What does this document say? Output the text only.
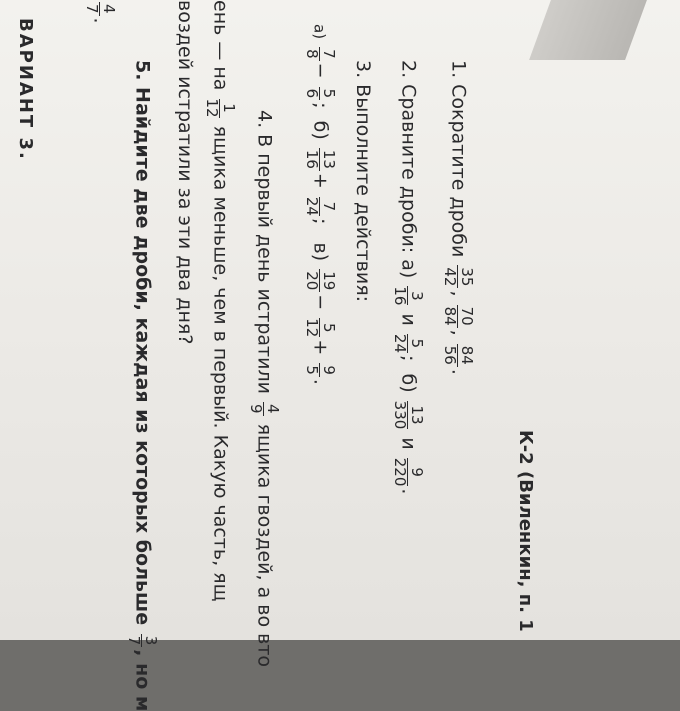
ВАРИАНТ 3.
К-2 (Виленкин, п. 1
1. Сократите дроби
35
42
,
70
84
,
84
56
.
2. Сравните дроби: а)
3
16
и
5
24
;  б)
13
330
и
9
220
.
3. Выполните действия:
а)
7
8
−
5
6
;  б)
13
16
+
7
24
;   в)
19
20
−
5
12
+
9
5
.
4. В первый день истратили
4
9
ящика гвоздей, а во вто
ень — на
1
12
ящика меньше, чем в первый. Какую часть, ящ
воздей истратили за эти два дня?
5. Найдите две дроби, каждая из которых больше
3
7
, но м
4
7
.
